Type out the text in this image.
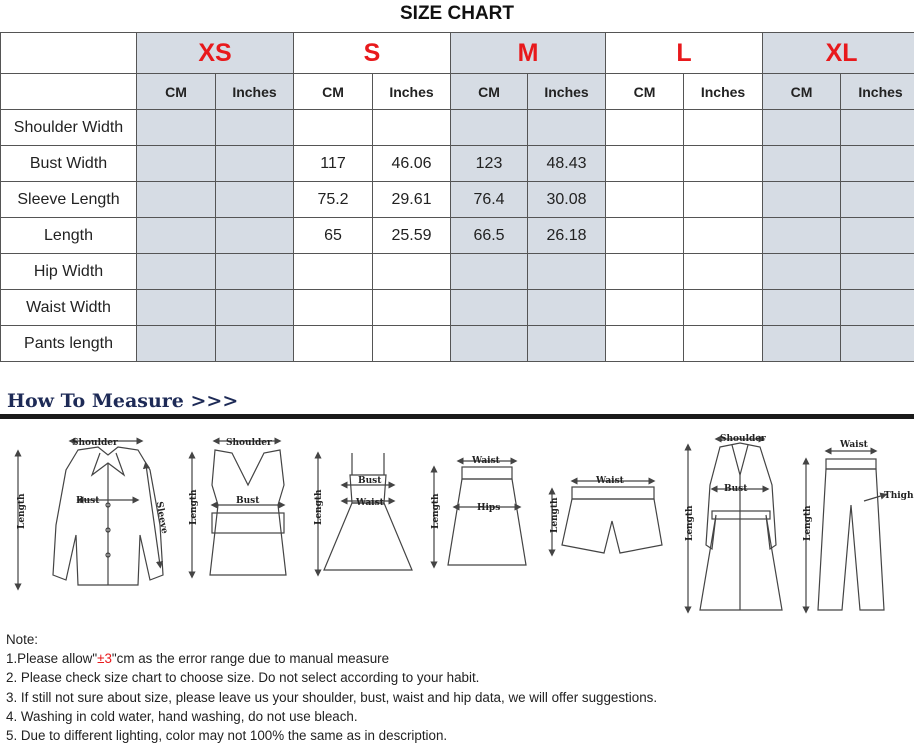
SIZE CHART
	XS		S		M		L		XL	
	CM	Inches	CM	Inches	CM	Inches	CM	Inches	CM	Inches
Shoulder Width										
Bust Width			117	46.06	123	48.43				
Sleeve Length			75.2	29.61	76.4	30.08				
Length			65	25.59	66.5	26.18				
Hip Width										
Waist Width										
Pants length										
How To Measure >>>
Shoulder
Bust
Length	Sleeve
Shoulder
Bust
Length
Bust
Waist
Length
Waist
Hips
Length
Waist
Length
Shoulder
Bust
Length
Waist
Thigh
Length
Note:
1.Please allow"±3"cm as the error range due to manual measure
2. Please check size chart to choose size. Do not select according to your habit.
3. If still not sure about size, please leave us your shoulder, bust, waist and hip data, we will offer suggestions.
4. Washing in cold water, hand washing, do not use bleach.
5. Due to different lighting, color may not 100% the same as in description.
